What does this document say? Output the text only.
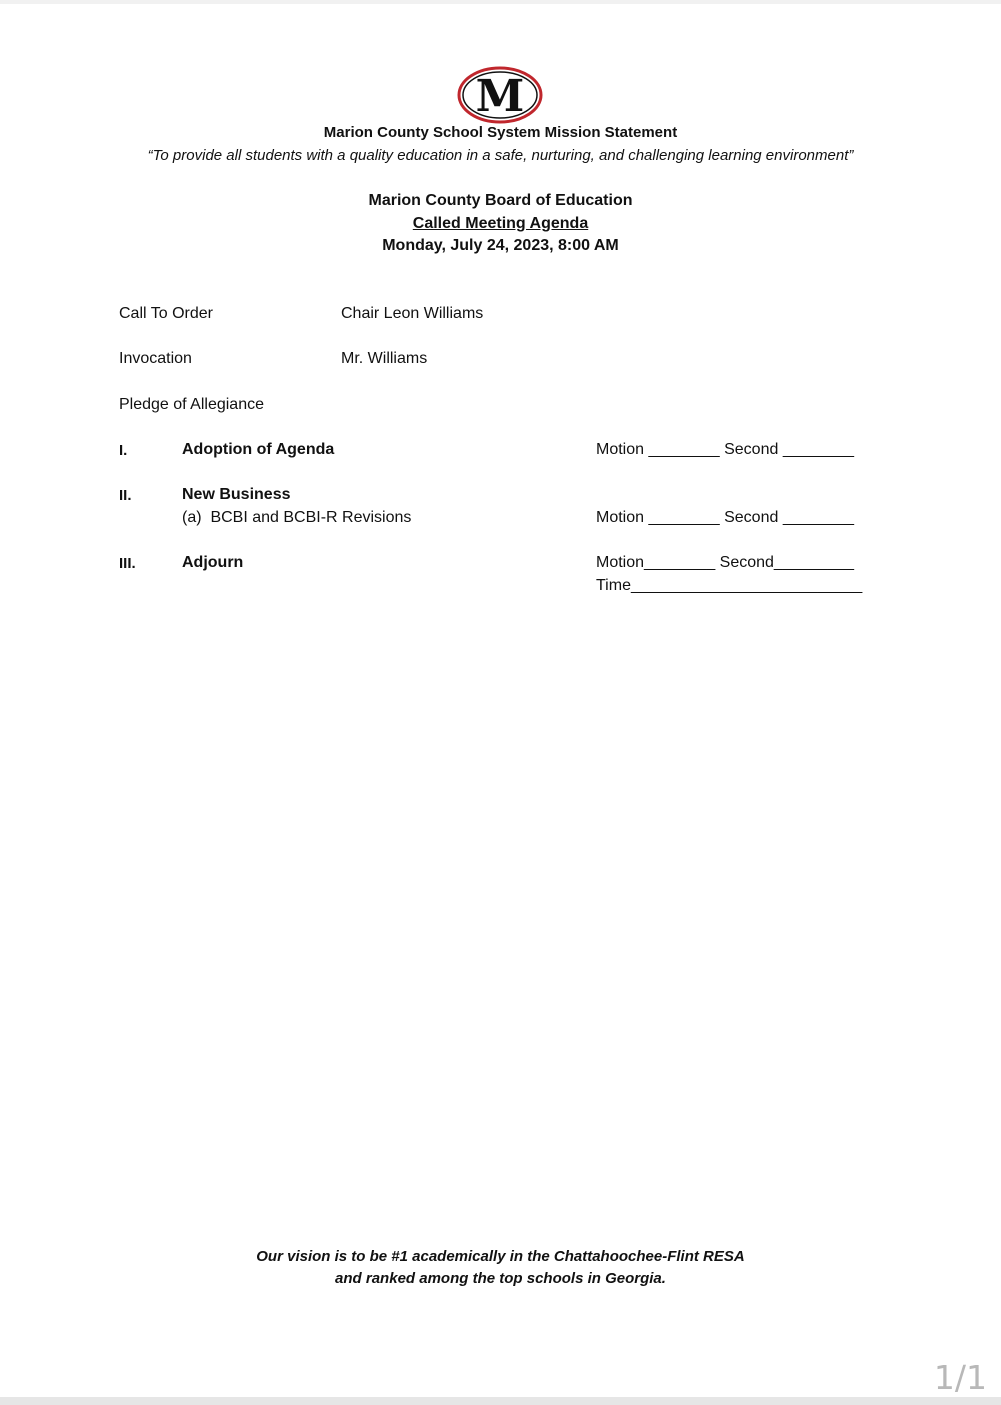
M
Marion County School System Mission Statement
“To provide all students with a quality education in a safe, nurturing, and challenging learning environment”
Marion County Board of Education
Called Meeting Agenda
Monday, July 24, 2023, 8:00 AM
Call To Order	Chair Leon Williams
Invocation	Mr. Williams
Pledge of Allegiance
I.	Adoption of Agenda	Motion ________ Second ________
II.	New Business
(a)  BCBI and BCBI-R Revisions	Motion ________ Second ________
III.	Adjourn	Motion________ Second_________
Time__________________________
Our vision is to be #1 academically in the Chattahoochee-Flint RESA
and ranked among the top schools in Georgia.
1/1
